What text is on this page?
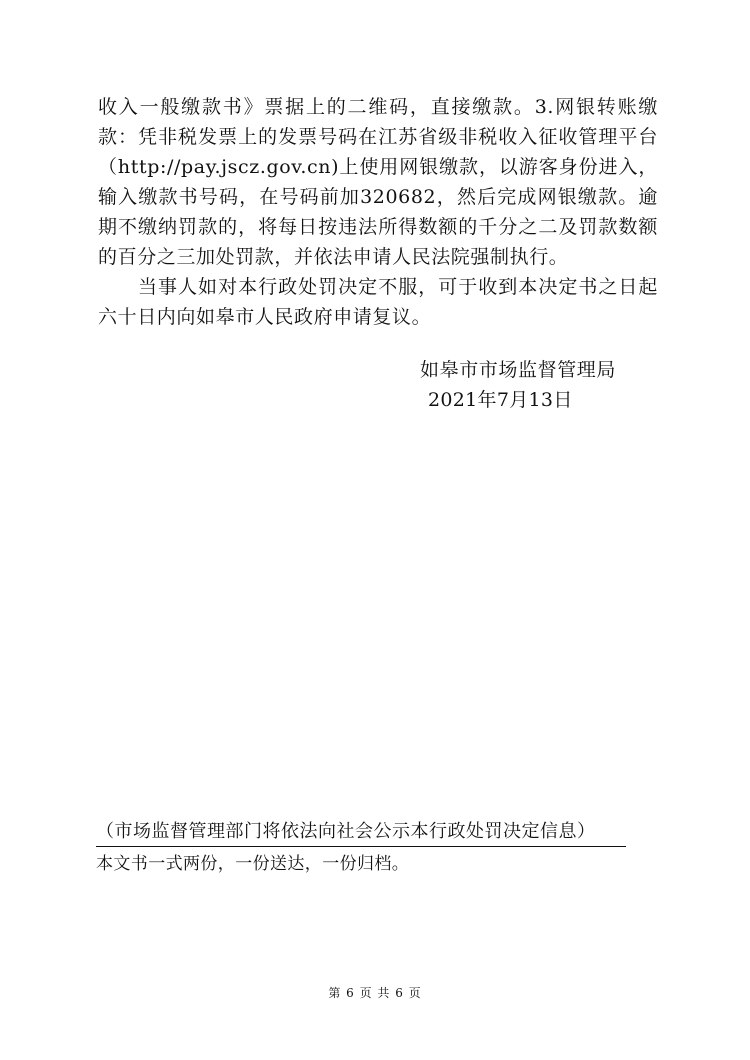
收入一般缴款书》票据上的二维码，直接缴款。3.网银转账缴款：凭非税发票上的发票号码在江苏省级非税收入征收管理平台（http://pay.jscz.gov.cn)上使用网银缴款，以游客身份进入，输入缴款书号码，在号码前加320682，然后完成网银缴款。逾期不缴纳罚款的，将每日按违法所得数额的千分之二及罚款数额的百分之三加处罚款，并依法申请人民法院强制执行。

当事人如对本行政处罚决定不服，可于收到本决定书之日起六十日内向如皋市人民政府申请复议。

如皋市市场监督管理局
2021年7月13日
（市场监督管理部门将依法向社会公示本行政处罚决定信息）
本文书一式两份，一份送达，一份归档。
第 6 页 共 6 页
